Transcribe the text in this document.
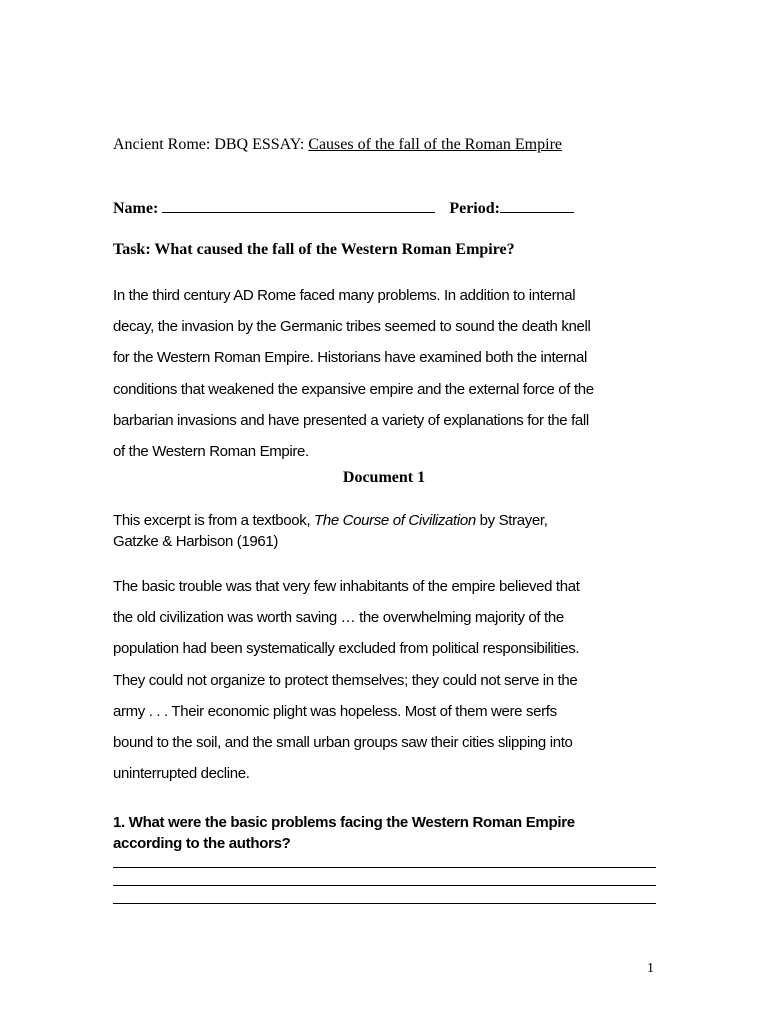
Ancient Rome: DBQ ESSAY: Causes of the fall of the Roman Empire
Name:	Period:
Task: What caused the fall of the Western Roman Empire?
In the third century AD Rome faced many problems. In addition to internal
decay, the invasion by the Germanic tribes seemed to sound the death knell
for the Western Roman Empire. Historians have examined both the internal
conditions that weakened the expansive empire and the external force of the
barbarian invasions and have presented a variety of explanations for the fall
of the Western Roman Empire.
Document 1
This excerpt is from a textbook, The Course of Civilization by Strayer,
Gatzke & Harbison (1961)
The basic trouble was that very few inhabitants of the empire believed that
the old civilization was worth saving … the overwhelming majority of the
population had been systematically excluded from political responsibilities.
They could not organize to protect themselves; they could not serve in the
army . . . Their economic plight was hopeless. Most of them were serfs
bound to the soil, and the small urban groups saw their cities slipping into
uninterrupted decline.
1. What were the basic problems facing the Western Roman Empire
according to the authors?
1
